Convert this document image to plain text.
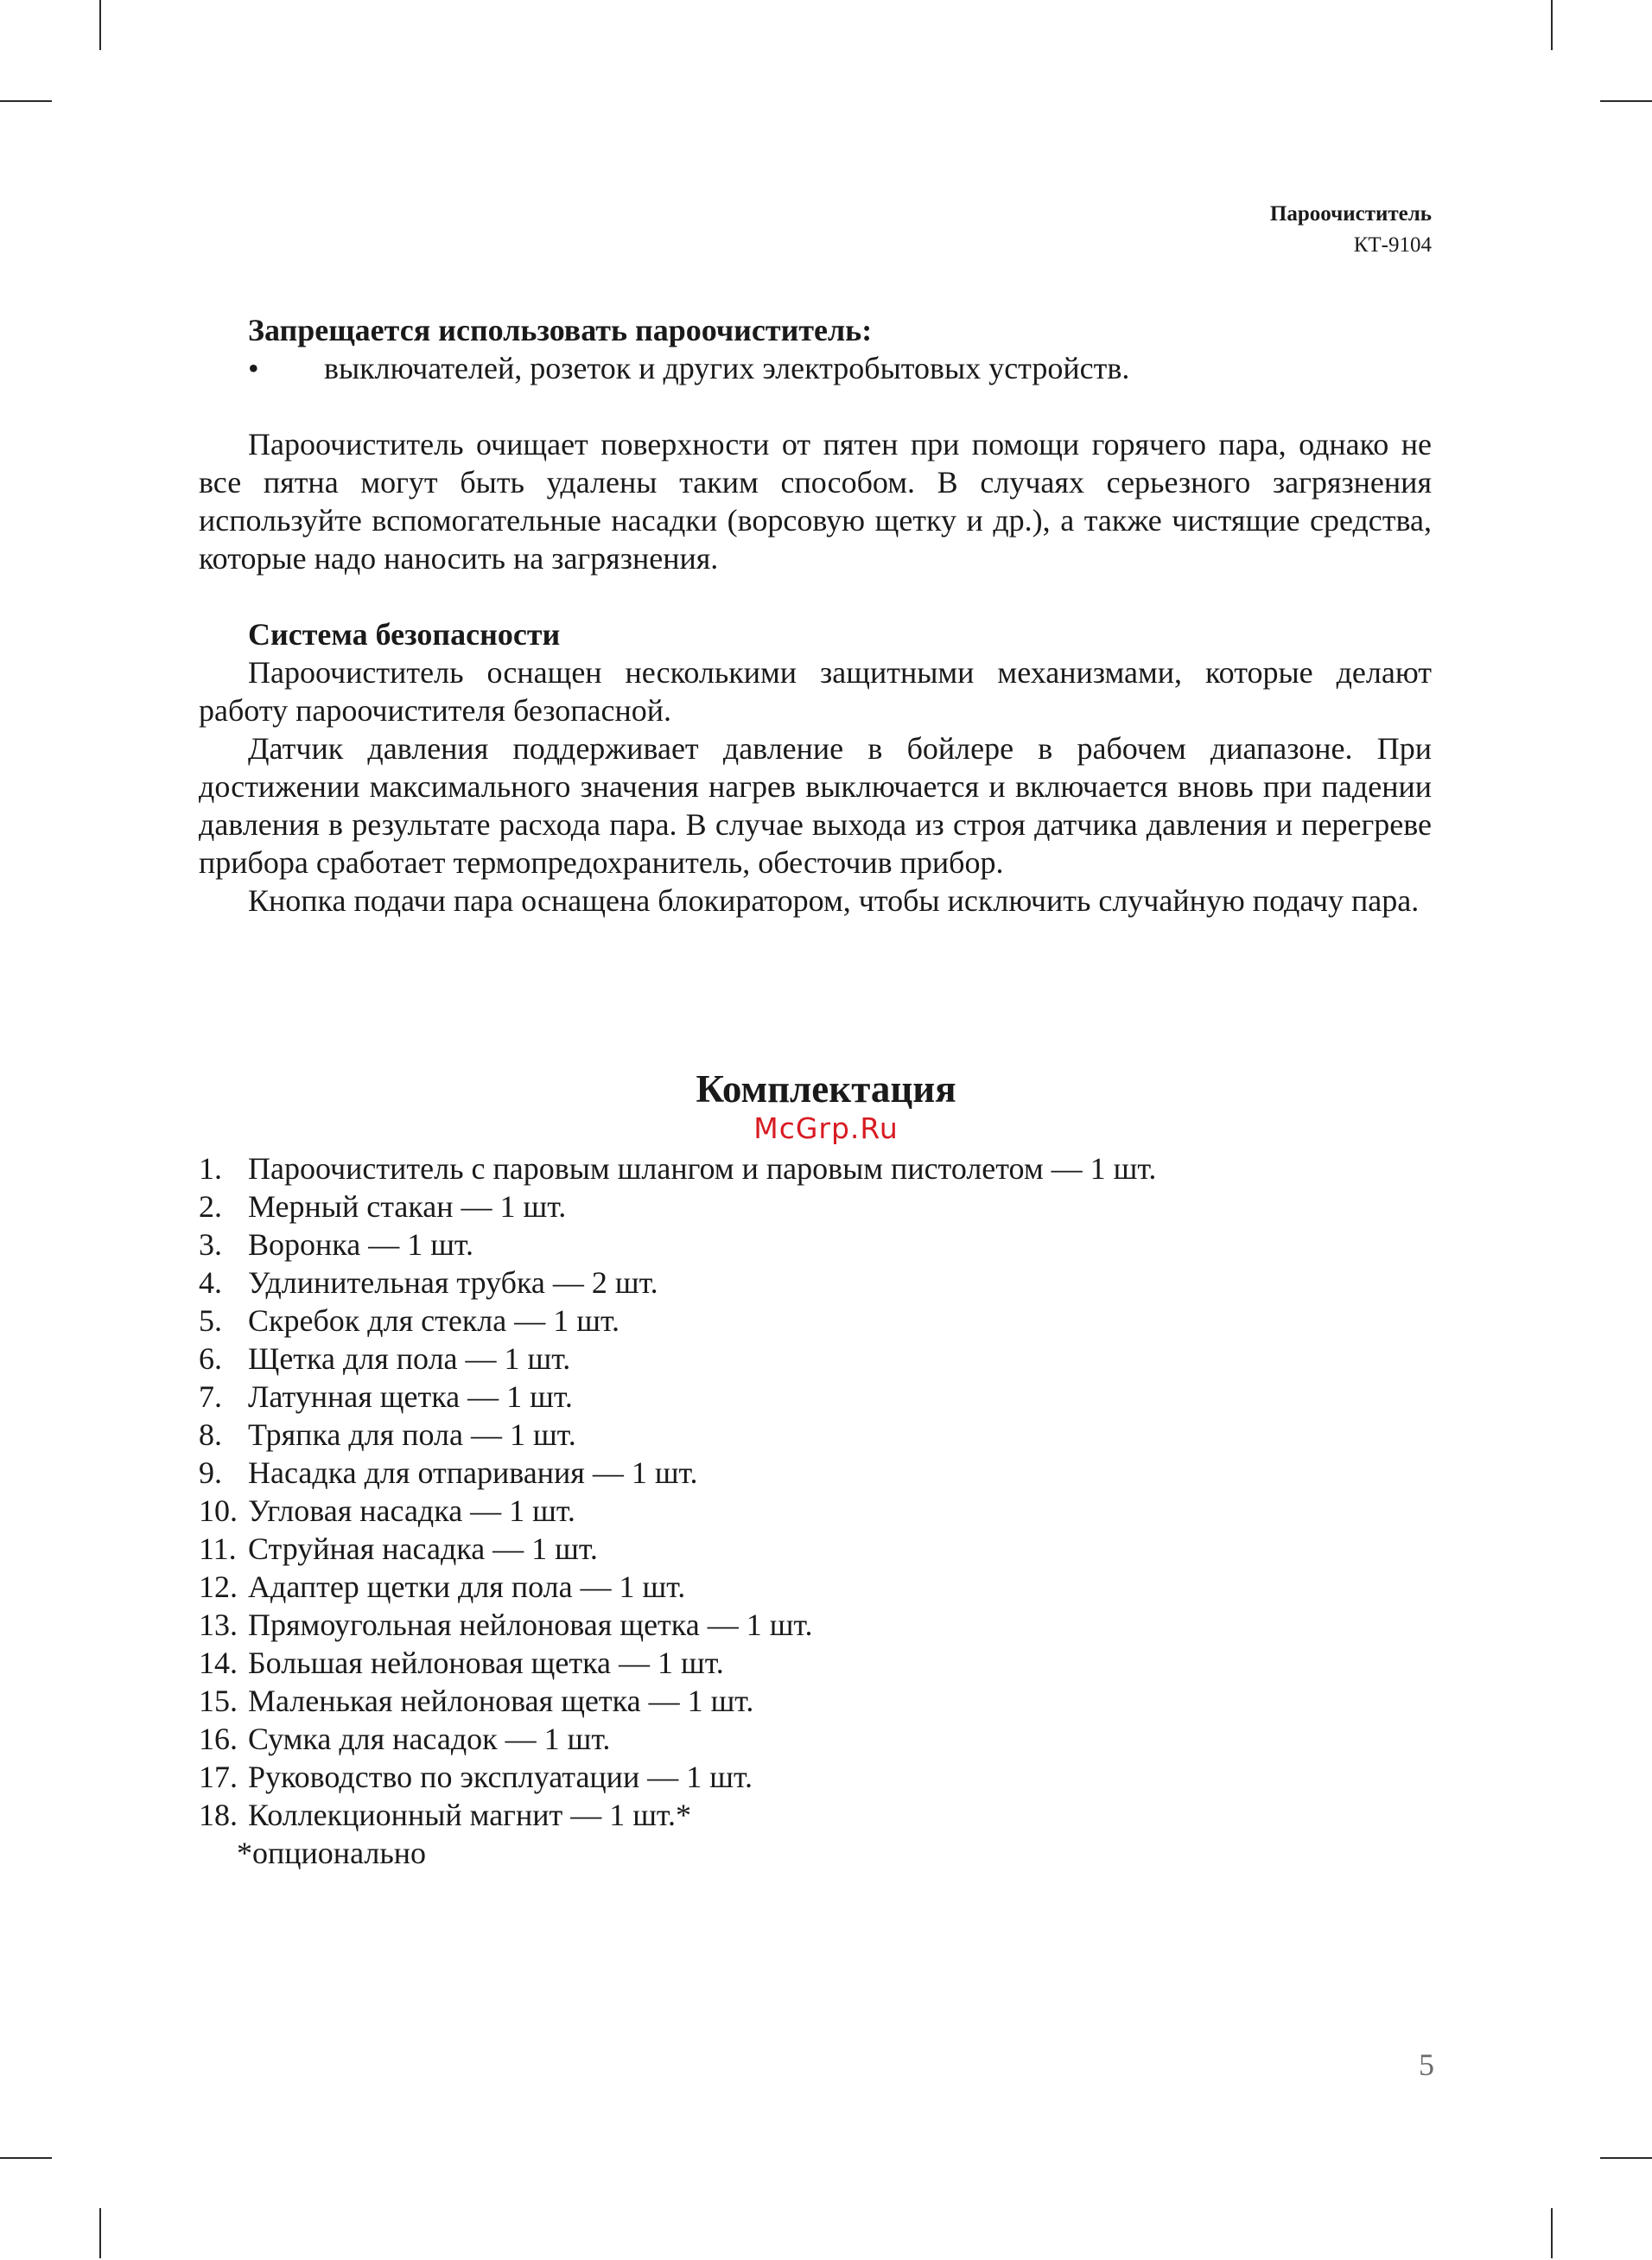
Пароочиститель
КТ-9104

Запрещается использовать пароочиститель:

•	выключателей, розеток и других электробытовых устройств.

Пароочиститель очищает поверхности от пятен при помощи горячего пара, однако не все пятна могут быть удалены таким способом. В случаях серьезного загрязнения используйте вспомогательные насадки (ворсовую щетку и др.), а также чистящие средства, которые надо наносить на загрязнения.

Система безопасности

Пароочиститель оснащен несколькими защитными механизмами, которые делают работу пароочистителя безопасной.

Датчик давления поддерживает давление в бойлере в рабочем диапазоне. При достижении максимального значения нагрев выключается и включается вновь при падении давления в результате расхода пара. В случае выхода из строя датчика давления и перегреве прибора сработает термопредохранитель, обесточив прибор.

Кнопка подачи пара оснащена блокиратором, чтобы исключить случайную подачу пара.

Комплектация
McGrp.Ru
1. Пароочиститель с паровым шлангом и паровым пистолетом — 1 шт.
2. Мерный стакан — 1 шт.
3. Воронка — 1 шт.
4. Удлинительная трубка — 2 шт.
5. Скребок для стекла — 1 шт.
6. Щетка для пола — 1 шт.
7. Латунная щетка — 1 шт.
8. Тряпка для пола — 1 шт.
9. Насадка для отпаривания — 1 шт.
10. Угловая насадка — 1 шт.
11. Струйная насадка — 1 шт.
12. Адаптер щетки для пола — 1 шт.
13. Прямоугольная нейлоновая щетка — 1 шт.
14. Большая нейлоновая щетка — 1 шт.
15. Маленькая нейлоновая щетка — 1 шт.
16. Сумка для насадок — 1 шт.
17. Руководство по эксплуатации — 1 шт.
18. Коллекционный магнит — 1 шт.*
*опционально
5
